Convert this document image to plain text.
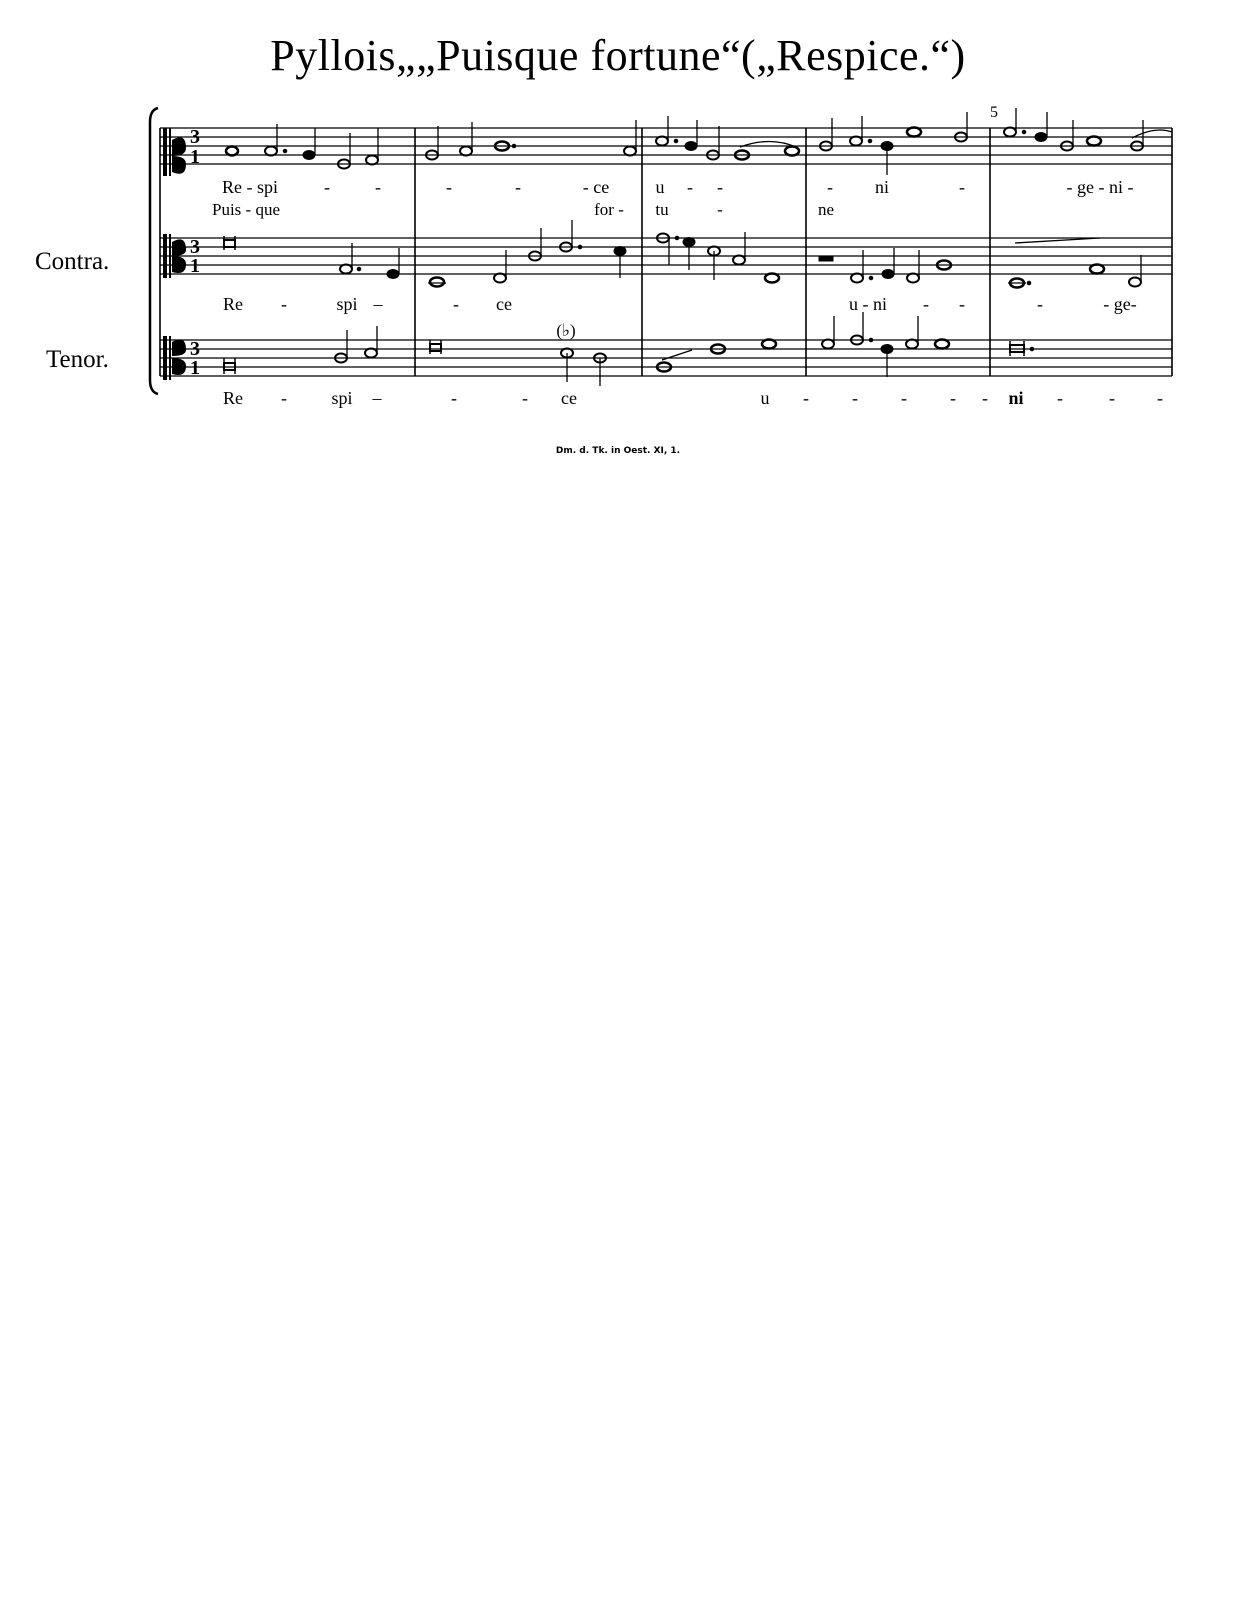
Pyllois„„Puisque fortune“(„Respice.“)
3
1
3
1
3
1
5
Contra.
Tenor.
Re - spi	-	-	-	-	- ce	u - -	- ni	-	- ge - ni -
Puis - que	for - tu	-	ne
Re -	spi –	- ce	u - ni - -	-	- ge-
(♭)
Re - spi –	-	- ce	u - - - - - ni -	- -
Dm. d. Tk. in Oest. XI, 1.
